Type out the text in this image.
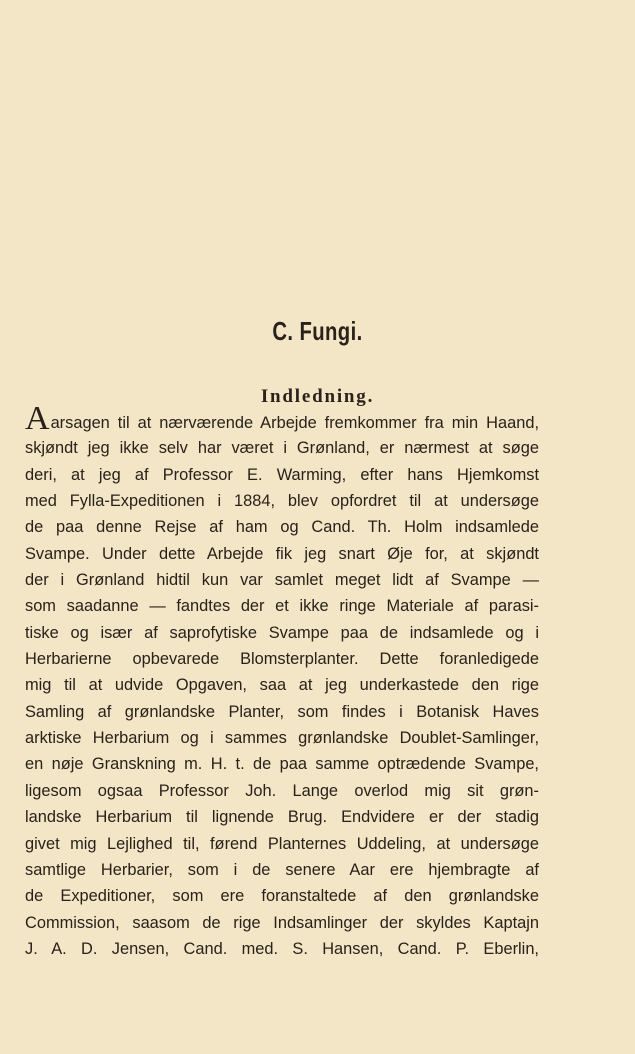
C. Fungi.
Indledning.
Aarsagen til at nærværende Arbejde fremkommer fra min Haand,
skjøndt jeg ikke selv har været i Grønland, er nærmest at søge
deri, at jeg af Professor E. Warming, efter hans Hjemkomst
med Fylla-Expeditionen i 1884, blev opfordret til at undersøge
de paa denne Rejse af ham og Cand. Th. Holm indsamlede
Svampe. Under dette Arbejde fik jeg snart Øje for, at skjøndt
der i Grønland hidtil kun var samlet meget lidt af Svampe —
som saadanne — fandtes der et ikke ringe Materiale af parasi-
tiske og især af saprofytiske Svampe paa de indsamlede og i
Herbarierne opbevarede Blomsterplanter. Dette foranledigede
mig til at udvide Opgaven, saa at jeg underkastede den rige
Samling af grønlandske Planter, som findes i Botanisk Haves
arktiske Herbarium og i sammes grønlandske Doublet-Samlinger,
en nøje Granskning m. H. t. de paa samme optrædende Svampe,
ligesom ogsaa Professor Joh. Lange overlod mig sit grøn-
landske Herbarium til lignende Brug. Endvidere er der stadig
givet mig Lejlighed til, førend Planternes Uddeling, at undersøge
samtlige Herbarier, som i de senere Aar ere hjembragte af
de Expeditioner, som ere foranstaltede af den grønlandske
Commission, saasom de rige Indsamlinger der skyldes Kaptajn
J. A. D. Jensen, Cand. med. S. Hansen, Cand. P. Eberlin,
